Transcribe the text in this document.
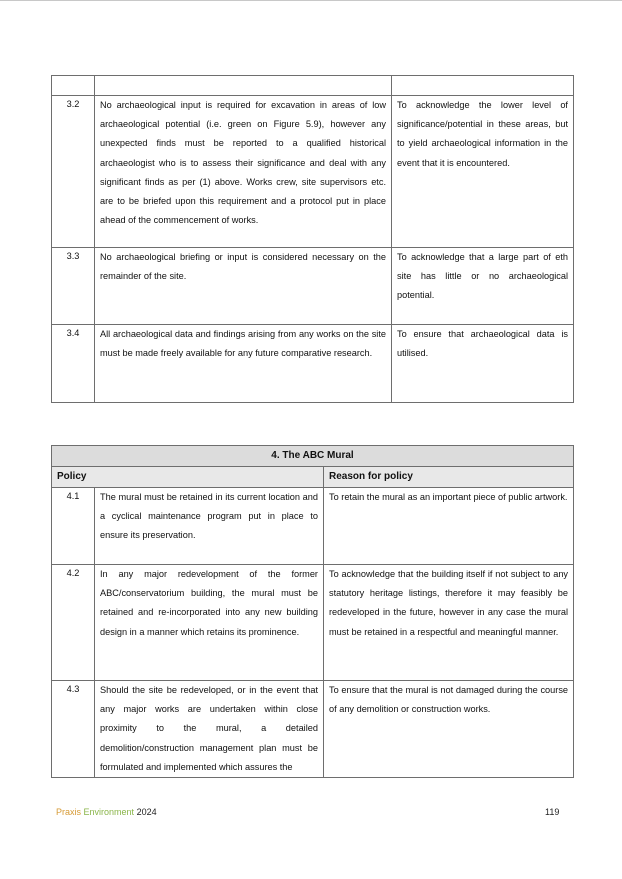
3.2	No archaeological input is required for excavation in areas of low archaeological potential (i.e. green on Figure 5.9), however any unexpected finds must be reported to a qualified historical archaeologist who is to assess their significance and deal with any significant finds as per (1) above. Works crew, site supervisors etc. are to be briefed upon this requirement and a protocol put in place ahead of the commencement of works.	To acknowledge the lower level of significance/potential in these areas, but to yield archaeological information in the event that it is encountered.
3.3	No archaeological briefing or input is considered necessary on the remainder of the site.	To acknowledge that a large part of eth site has little or no archaeological potential.
3.4	All archaeological data and findings arising from any works on the site must be made freely available for any future comparative research.	To ensure that archaeological data is utilised.
4. The ABC Mural		
Policy		Reason for policy
4.1	The mural must be retained in its current location and a cyclical maintenance program put in place to ensure its preservation.	To retain the mural as an important piece of public artwork.
4.2	In any major redevelopment of the former ABC/conservatorium building, the mural must be retained and re-incorporated into any new building design in a manner which retains its prominence.	To acknowledge that the building itself if not subject to any statutory heritage listings, therefore it may feasibly be redeveloped in the future, however in any case the mural must be retained in a respectful and meaningful manner.
4.3	Should the site be redeveloped, or in the event that any major works are undertaken within close proximity to the mural, a detailed demolition/construction management plan must be formulated and implemented which assures the	To ensure that the mural is not damaged during the course of any demolition or construction works.
Praxis Environment 2024	119
